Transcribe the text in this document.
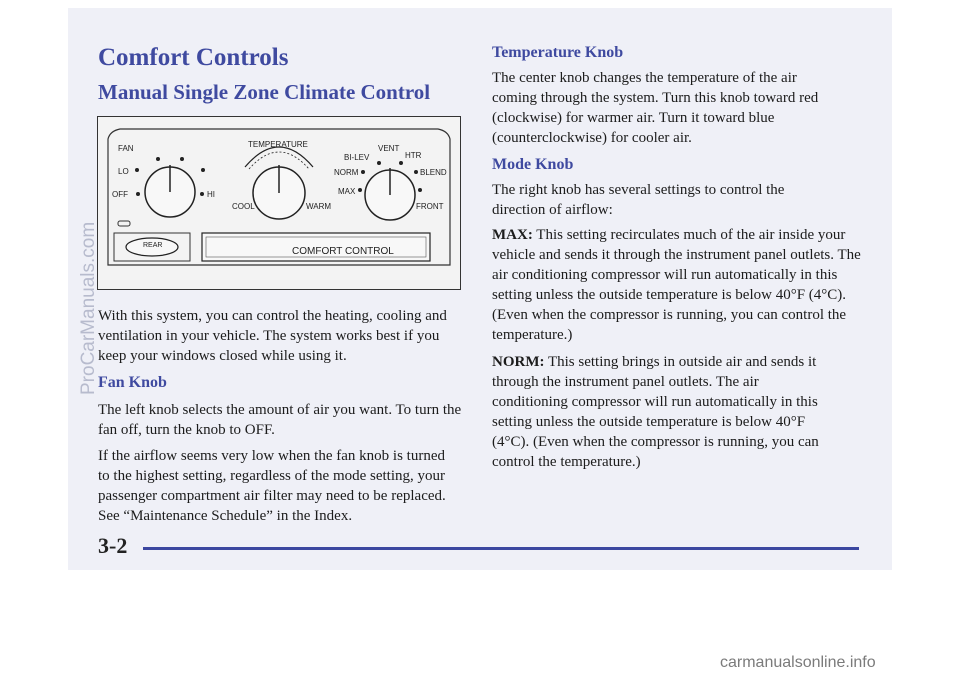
Comfort Controls
Manual Single Zone Climate Control
FAN
LO
OFF	HI
TEMPERATURE
COOL	WARM
BI-LEV
VENT
HTR
NORM	BLEND
MAX
FRONT
REAR
COMFORT CONTROL

With this system, you can control the heating, cooling and ventilation in your vehicle. The system works best if you keep your windows closed while using it.

Fan Knob

The left knob selects the amount of air you want. To turn the fan off, turn the knob to OFF.

If the airflow seems very low when the fan knob is turned to the highest setting, regardless of the mode setting, your passenger compartment air filter may need to be replaced. See “Maintenance Schedule” in the Index.

Temperature Knob

The center knob changes the temperature of the air coming through the system. Turn this knob toward red (clockwise) for warmer air. Turn it toward blue (counterclockwise) for cooler air.

Mode Knob

The right knob has several settings to control the direction of airflow:

MAX: This setting recirculates much of the air inside your vehicle and sends it through the instrument panel outlets. The air conditioning compressor will run automatically in this setting unless the outside temperature is below 40°F (4°C). (Even when the compressor is running, you can control the temperature.)

NORM: This setting brings in outside air and sends it through the instrument panel outlets. The air conditioning compressor will run automatically in this setting unless the outside temperature is below 40°F (4°C). (Even when the compressor is running, you can control the temperature.)

3-2
ProCarManuals.com
carmanualsonline.info
